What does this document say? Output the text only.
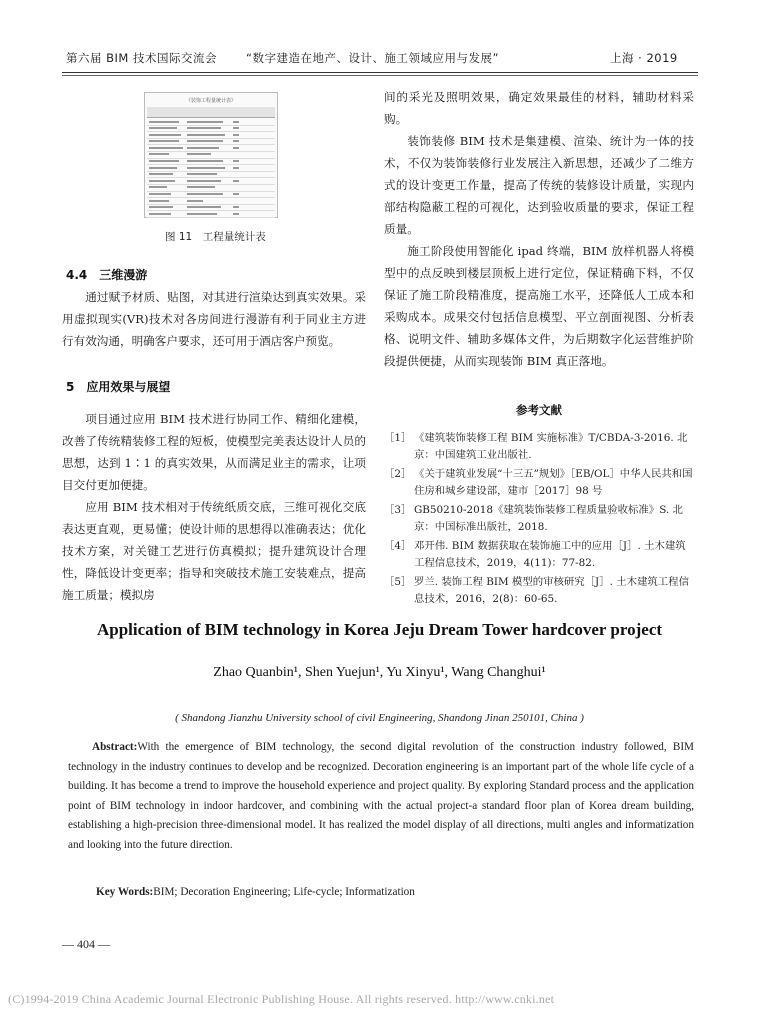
第六届 BIM 技术国际交流会	“数字建造在地产、设计、施工领域应用与发展”	上海 · 2019
《装饰工程量统计表》
图 11　工程量统计表
4.4　三维漫游

通过赋予材质、贴图，对其进行渲染达到真实效果。采用虚拟现实(VR)技术对各房间进行漫游有利于同业主方进行有效沟通，明确客户要求，还可用于酒店客户预览。

5　应用效果与展望

项目通过应用 BIM 技术进行协同工作、精细化建模，改善了传统精装修工程的短板，使模型完美表达设计人员的思想，达到 1∶1 的真实效果，从而满足业主的需求，让项目交付更加便捷。

应用 BIM 技术相对于传统纸质交底，三维可视化交底表达更直观，更易懂；使设计师的思想得以准确表达；优化技术方案，对关键工艺进行仿真模拟；提升建筑设计合理性，降低设计变更率；指导和突破技术施工安装难点，提高施工质量；模拟房

间的采光及照明效果，确定效果最佳的材料，辅助材料采购。

装饰装修 BIM 技术是集建模、渲染、统计为一体的技术，不仅为装饰装修行业发展注入新思想，还减少了二维方式的设计变更工作量，提高了传统的装修设计质量，实现内部结构隐蔽工程的可视化，达到验收质量的要求，保证工程质量。

施工阶段使用智能化 ipad 终端，BIM 放样机器人将模型中的点反映到楼层顶板上进行定位，保证精确下料，不仅保证了施工阶段精准度，提高施工水平，还降低人工成本和采购成本。成果交付包括信息模型、平立剖面视图、分析表格、说明文件、辅助多媒体文件，为后期数字化运营维护阶段提供便捷，从而实现装饰 BIM 真正落地。

参考文献
［1］ 《建筑装饰装修工程 BIM 实施标准》T/CBDA-3-2016. 北京：中国建筑工业出版社.
［2］ 《关于建筑业发展“十三五”规划》［EB/OL］中华人民共和国住房和城乡建设部，建市［2017］98 号
［3］ GB50210-2018《建筑装饰装修工程质量验收标准》S. 北京：中国标准出版社，2018.
［4］ 邓开伟. BIM 数据获取在装饰施工中的应用［J］. 土木建筑工程信息技术，2019，4(11)：77-82.
［5］ 罗兰. 装饰工程 BIM 模型的审核研究［J］. 土木建筑工程信息技术，2016，2(8)：60-65.
Application of BIM technology in Korea Jeju Dream Tower hardcover project
Zhao Quanbin¹, Shen Yuejun¹, Yu Xinyu¹, Wang Changhui¹
( Shandong Jianzhu University school of civil Engineering, Shandong Jinan 250101, China )
Abstract:With the emergence of BIM technology, the second digital revolution of the construction industry followed, BIM technology in the industry continues to develop and be recognized. Decoration engineering is an important part of the whole life cycle of a building. It has become a trend to improve the household experience and project quality. By exploring Standard process and the application point of BIM technology in indoor hardcover, and combining with the actual project-a standard floor plan of Korea dream building, establishing a high-precision three-dimensional model. It has realized the model display of all directions, multi angles and informatization and looking into the future direction.
Key Words:BIM; Decoration Engineering; Life-cycle; Informatization
— 404 —
(C)1994-2019 China Academic Journal Electronic Publishing House. All rights reserved. http://www.cnki.net
